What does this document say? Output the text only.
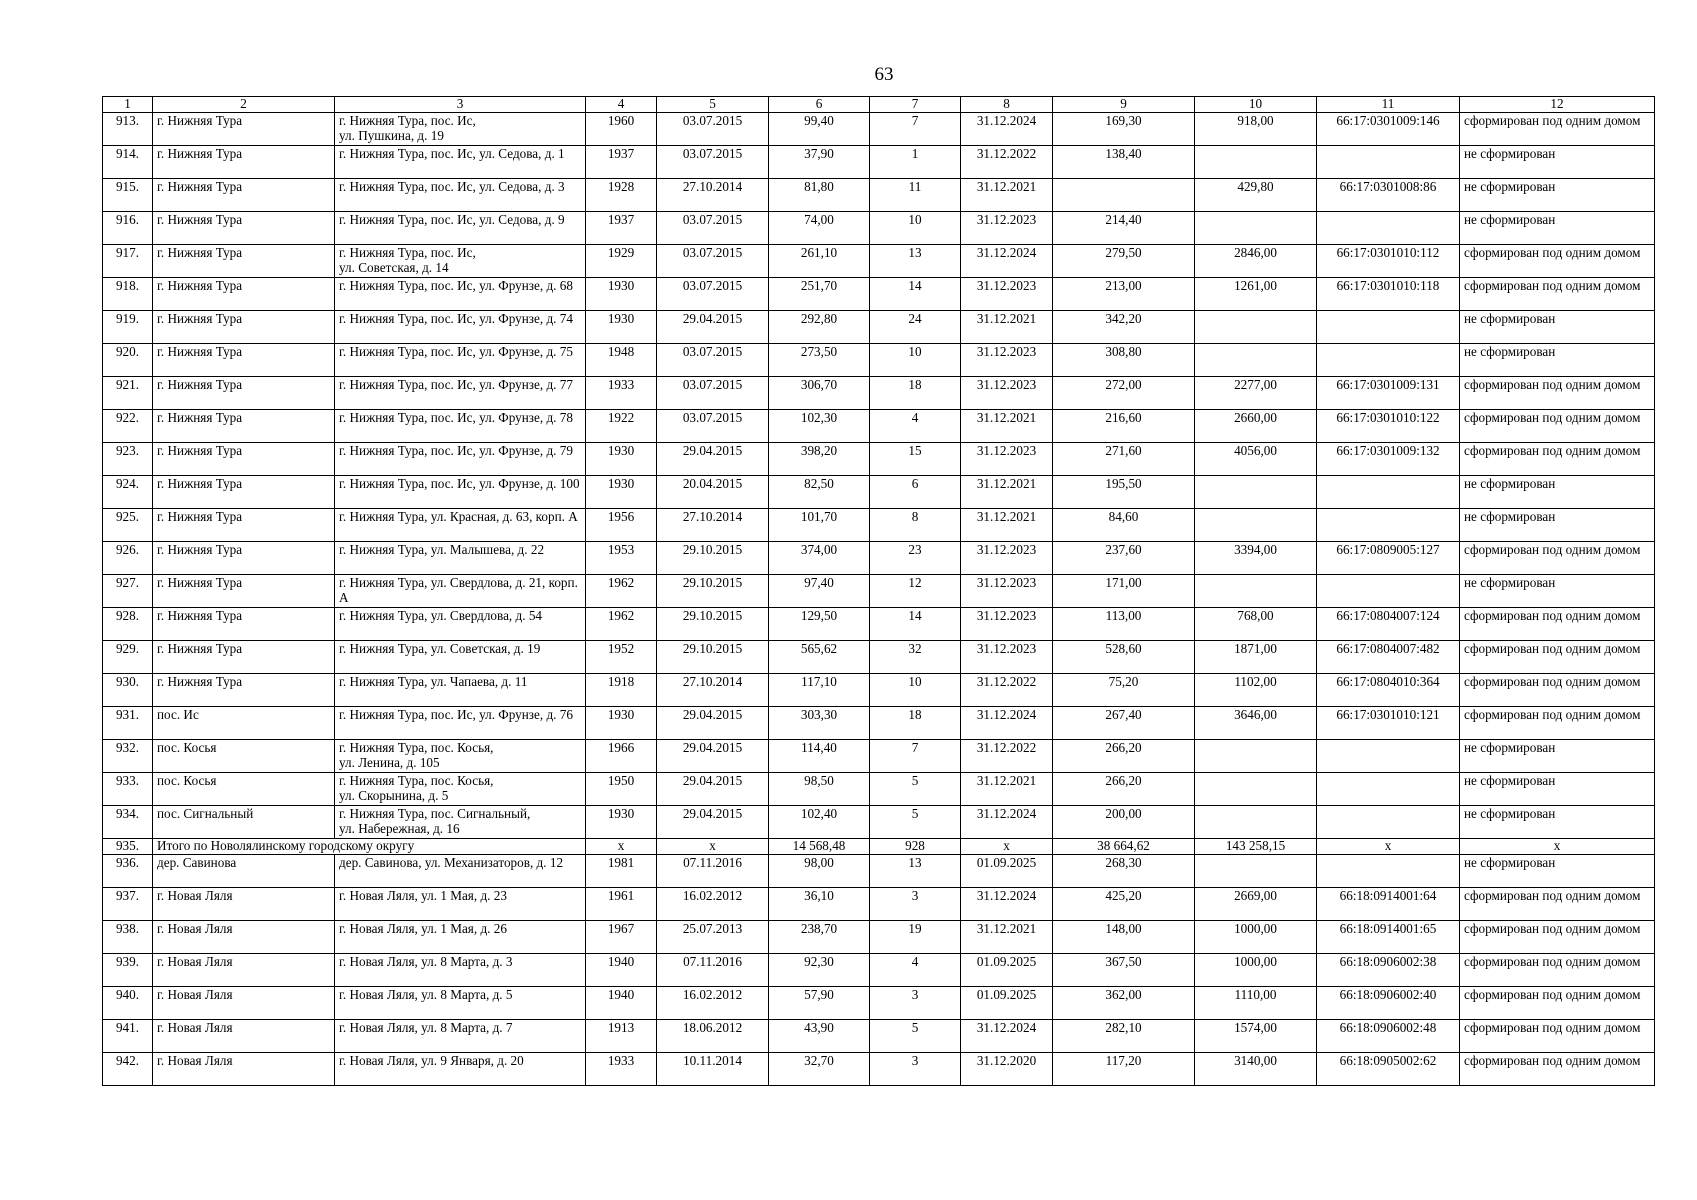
63
1	2	3	4	5	6	7	8	9	10	11	12
913.	г. Нижняя Тура	г. Нижняя Тура, пос. Ис,
ул. Пушкина, д. 19	1960	03.07.2015	99,40	7	31.12.2024	169,30	918,00	66:17:0301009:146	сформирован под одним домом
914.	г. Нижняя Тура	г. Нижняя Тура, пос. Ис, ул. Седова, д. 1	1937	03.07.2015	37,90	1	31.12.2022	138,40			не сформирован
915.	г. Нижняя Тура	г. Нижняя Тура, пос. Ис, ул. Седова, д. 3	1928	27.10.2014	81,80	11	31.12.2021		429,80	66:17:0301008:86	не сформирован
916.	г. Нижняя Тура	г. Нижняя Тура, пос. Ис, ул. Седова, д. 9	1937	03.07.2015	74,00	10	31.12.2023	214,40			не сформирован
917.	г. Нижняя Тура	г. Нижняя Тура, пос. Ис,
ул. Советская, д. 14	1929	03.07.2015	261,10	13	31.12.2024	279,50	2846,00	66:17:0301010:112	сформирован под одним домом
918.	г. Нижняя Тура	г. Нижняя Тура, пос. Ис, ул. Фрунзе, д. 68	1930	03.07.2015	251,70	14	31.12.2023	213,00	1261,00	66:17:0301010:118	сформирован под одним домом
919.	г. Нижняя Тура	г. Нижняя Тура, пос. Ис, ул. Фрунзе, д. 74	1930	29.04.2015	292,80	24	31.12.2021	342,20			не сформирован
920.	г. Нижняя Тура	г. Нижняя Тура, пос. Ис, ул. Фрунзе, д. 75	1948	03.07.2015	273,50	10	31.12.2023	308,80			не сформирован
921.	г. Нижняя Тура	г. Нижняя Тура, пос. Ис, ул. Фрунзе, д. 77	1933	03.07.2015	306,70	18	31.12.2023	272,00	2277,00	66:17:0301009:131	сформирован под одним домом
922.	г. Нижняя Тура	г. Нижняя Тура, пос. Ис, ул. Фрунзе, д. 78	1922	03.07.2015	102,30	4	31.12.2021	216,60	2660,00	66:17:0301010:122	сформирован под одним домом
923.	г. Нижняя Тура	г. Нижняя Тура, пос. Ис, ул. Фрунзе, д. 79	1930	29.04.2015	398,20	15	31.12.2023	271,60	4056,00	66:17:0301009:132	сформирован под одним домом
924.	г. Нижняя Тура	г. Нижняя Тура, пос. Ис, ул. Фрунзе, д. 100	1930	20.04.2015	82,50	6	31.12.2021	195,50			не сформирован
925.	г. Нижняя Тура	г. Нижняя Тура, ул. Красная, д. 63, корп. А	1956	27.10.2014	101,70	8	31.12.2021	84,60			не сформирован
926.	г. Нижняя Тура	г. Нижняя Тура, ул. Малышева, д. 22	1953	29.10.2015	374,00	23	31.12.2023	237,60	3394,00	66:17:0809005:127	сформирован под одним домом
927.	г. Нижняя Тура	г. Нижняя Тура, ул. Свердлова, д. 21, корп. А	1962	29.10.2015	97,40	12	31.12.2023	171,00			не сформирован
928.	г. Нижняя Тура	г. Нижняя Тура, ул. Свердлова, д. 54	1962	29.10.2015	129,50	14	31.12.2023	113,00	768,00	66:17:0804007:124	сформирован под одним домом
929.	г. Нижняя Тура	г. Нижняя Тура, ул. Советская, д. 19	1952	29.10.2015	565,62	32	31.12.2023	528,60	1871,00	66:17:0804007:482	сформирован под одним домом
930.	г. Нижняя Тура	г. Нижняя Тура, ул. Чапаева, д. 11	1918	27.10.2014	117,10	10	31.12.2022	75,20	1102,00	66:17:0804010:364	сформирован под одним домом
931.	пос. Ис	г. Нижняя Тура, пос. Ис, ул. Фрунзе, д. 76	1930	29.04.2015	303,30	18	31.12.2024	267,40	3646,00	66:17:0301010:121	сформирован под одним домом
932.	пос. Косья	г. Нижняя Тура, пос. Косья,
ул. Ленина, д. 105	1966	29.04.2015	114,40	7	31.12.2022	266,20			не сформирован
933.	пос. Косья	г. Нижняя Тура, пос. Косья,
ул. Скорынина, д. 5	1950	29.04.2015	98,50	5	31.12.2021	266,20			не сформирован
934.	пос. Сигнальный	г. Нижняя Тура, пос. Сигнальный,
ул. Набережная, д. 16	1930	29.04.2015	102,40	5	31.12.2024	200,00			не сформирован
935.	Итого по Новолялинскому городскому округу		x	x	14 568,48	928	x	38 664,62	143 258,15	x	x
936.	дер. Савинова	дер. Савинова, ул. Механизаторов, д. 12	1981	07.11.2016	98,00	13	01.09.2025	268,30			не сформирован
937.	г. Новая Ляля	г. Новая Ляля, ул. 1 Мая, д. 23	1961	16.02.2012	36,10	3	31.12.2024	425,20	2669,00	66:18:0914001:64	сформирован под одним домом
938.	г. Новая Ляля	г. Новая Ляля, ул. 1 Мая, д. 26	1967	25.07.2013	238,70	19	31.12.2021	148,00	1000,00	66:18:0914001:65	сформирован под одним домом
939.	г. Новая Ляля	г. Новая Ляля, ул. 8 Марта, д. 3	1940	07.11.2016	92,30	4	01.09.2025	367,50	1000,00	66:18:0906002:38	сформирован под одним домом
940.	г. Новая Ляля	г. Новая Ляля, ул. 8 Марта, д. 5	1940	16.02.2012	57,90	3	01.09.2025	362,00	1110,00	66:18:0906002:40	сформирован под одним домом
941.	г. Новая Ляля	г. Новая Ляля, ул. 8 Марта, д. 7	1913	18.06.2012	43,90	5	31.12.2024	282,10	1574,00	66:18:0906002:48	сформирован под одним домом
942.	г. Новая Ляля	г. Новая Ляля, ул. 9 Января, д. 20	1933	10.11.2014	32,70	3	31.12.2020	117,20	3140,00	66:18:0905002:62	сформирован под одним домом
